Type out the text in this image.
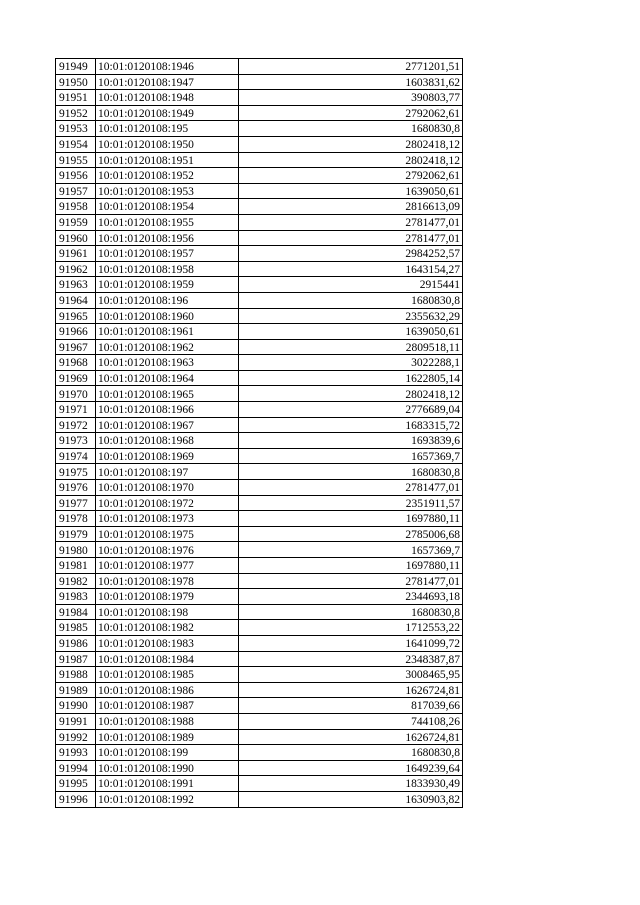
91949	10:01:0120108:1946	2771201,51
91950	10:01:0120108:1947	1603831,62
91951	10:01:0120108:1948	390803,77
91952	10:01:0120108:1949	2792062,61
91953	10:01:0120108:195	1680830,8
91954	10:01:0120108:1950	2802418,12
91955	10:01:0120108:1951	2802418,12
91956	10:01:0120108:1952	2792062,61
91957	10:01:0120108:1953	1639050,61
91958	10:01:0120108:1954	2816613,09
91959	10:01:0120108:1955	2781477,01
91960	10:01:0120108:1956	2781477,01
91961	10:01:0120108:1957	2984252,57
91962	10:01:0120108:1958	1643154,27
91963	10:01:0120108:1959	2915441
91964	10:01:0120108:196	1680830,8
91965	10:01:0120108:1960	2355632,29
91966	10:01:0120108:1961	1639050,61
91967	10:01:0120108:1962	2809518,11
91968	10:01:0120108:1963	3022288,1
91969	10:01:0120108:1964	1622805,14
91970	10:01:0120108:1965	2802418,12
91971	10:01:0120108:1966	2776689,04
91972	10:01:0120108:1967	1683315,72
91973	10:01:0120108:1968	1693839,6
91974	10:01:0120108:1969	1657369,7
91975	10:01:0120108:197	1680830,8
91976	10:01:0120108:1970	2781477,01
91977	10:01:0120108:1972	2351911,57
91978	10:01:0120108:1973	1697880,11
91979	10:01:0120108:1975	2785006,68
91980	10:01:0120108:1976	1657369,7
91981	10:01:0120108:1977	1697880,11
91982	10:01:0120108:1978	2781477,01
91983	10:01:0120108:1979	2344693,18
91984	10:01:0120108:198	1680830,8
91985	10:01:0120108:1982	1712553,22
91986	10:01:0120108:1983	1641099,72
91987	10:01:0120108:1984	2348387,87
91988	10:01:0120108:1985	3008465,95
91989	10:01:0120108:1986	1626724,81
91990	10:01:0120108:1987	817039,66
91991	10:01:0120108:1988	744108,26
91992	10:01:0120108:1989	1626724,81
91993	10:01:0120108:199	1680830,8
91994	10:01:0120108:1990	1649239,64
91995	10:01:0120108:1991	1833930,49
91996	10:01:0120108:1992	1630903,82
